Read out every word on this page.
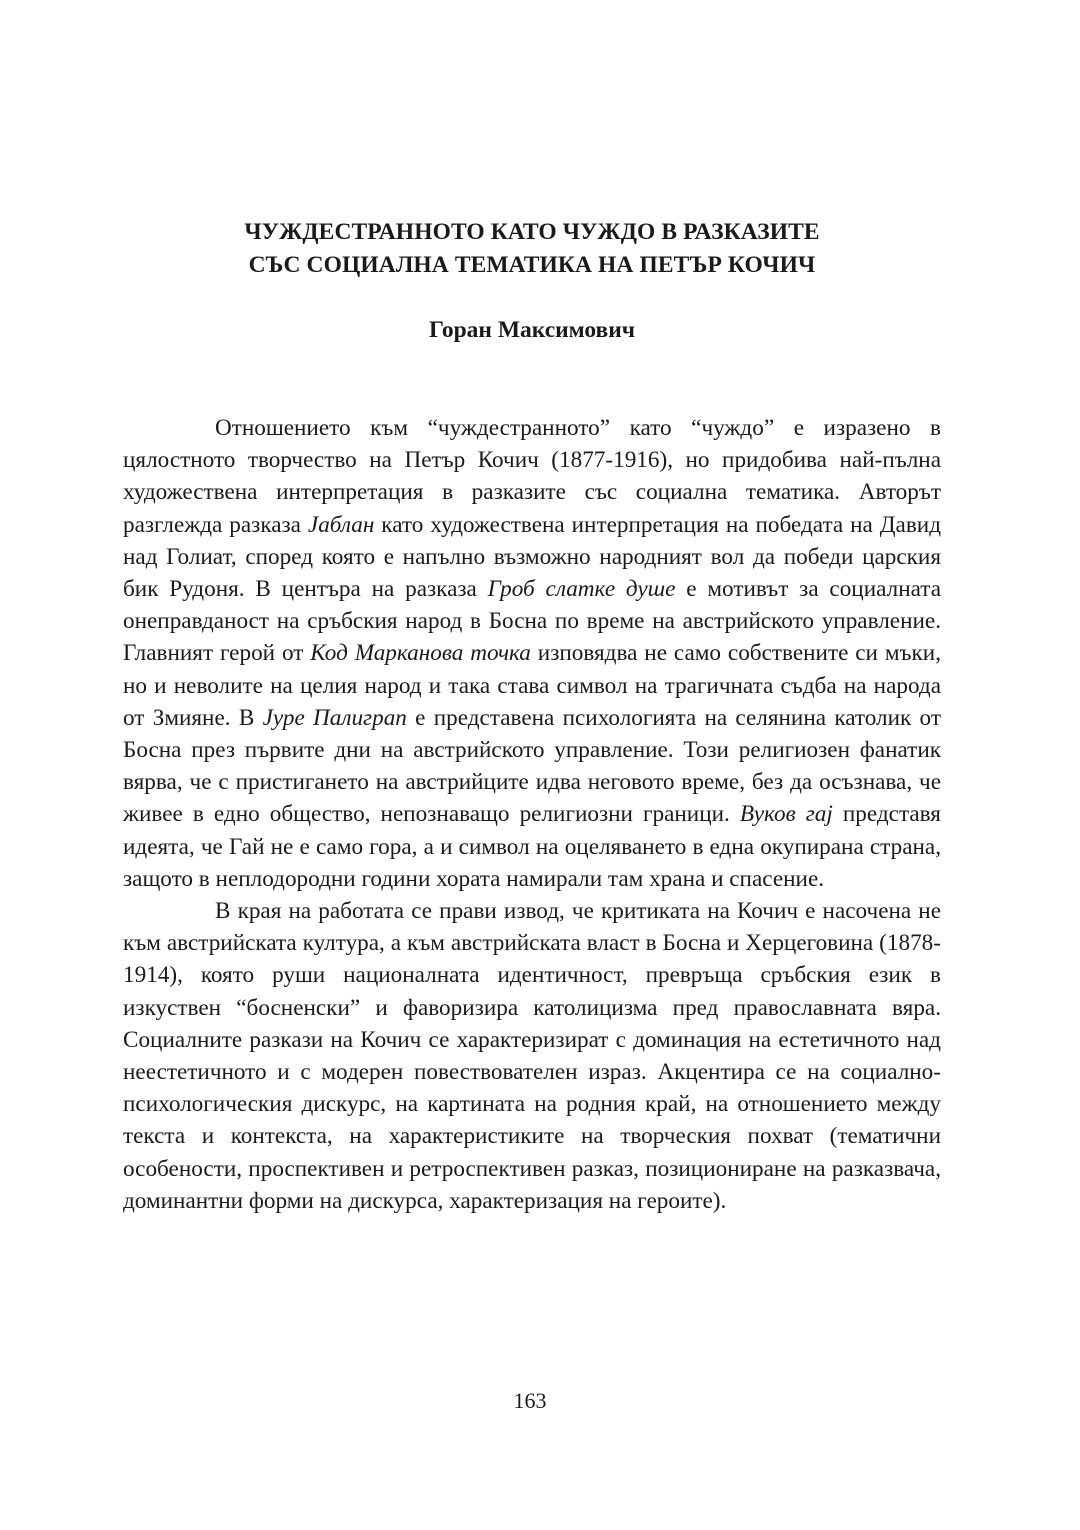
ЧУЖДЕСТРАННОТО КАТО ЧУЖДО В РАЗКАЗИТЕ
СЪС СОЦИАЛНА ТЕМАТИКА НА ПЕТЪР КОЧИЧ

Горан Максимович

Отношението към “чуждестранното” като “чуждо” е изразено в цялостното творчество на Петър Кочич (1877-1916), но придобива най-пълна художествена интерпретация в разказите със социална тематика. Авторът разглежда разказа Јаблан като художествена интерпретация на победата на Давид над Голиат, според която е напълно възможно народният вол да победи царския бик Рудоня. В центъра на разказа Гроб слатке душе е мотивът за социалната онеправданост на сръбския народ в Босна по време на австрийското управление. Главният герой от Код Марканова точка изповядва не само собствените си мъки, но и неволите на целия народ и така става символ на трагичната съдба на народа от Змияне. В Јуре Палиграп е представена психологията на селянина католик от Босна през първите дни на австрийското управление. Този религиозен фанатик вярва, че с пристигането на австрийците идва неговото време, без да осъзнава, че живее в едно общество, непознаващо религиозни граници. Вуков гај представя идеята, че Гай не е само гора, а и символ на оцеляването в една окупирана страна, защото в неплодородни години хората намирали там храна и спасение.

В края на работата се прави извод, че критиката на Кочич е насочена не към австрийската култура, а към австрийската власт в Босна и Херцеговина (1878-1914), която руши националната идентичност, превръща сръбския език в изкуствен “босненски” и фаворизира католицизма пред православната вяра. Социалните разкази на Кочич се характеризират с доминация на естетичното над неестетичното и с модерен повествователен израз. Акцентира се на социално-психологическия дискурс, на картината на родния край, на отношението между текста и контекста, на характеристиките на творческия похват (тематични особености, проспективен и ретроспективен разказ, позициониране на разказвача, доминантни форми на дискурса, характеризация на героите).

163
